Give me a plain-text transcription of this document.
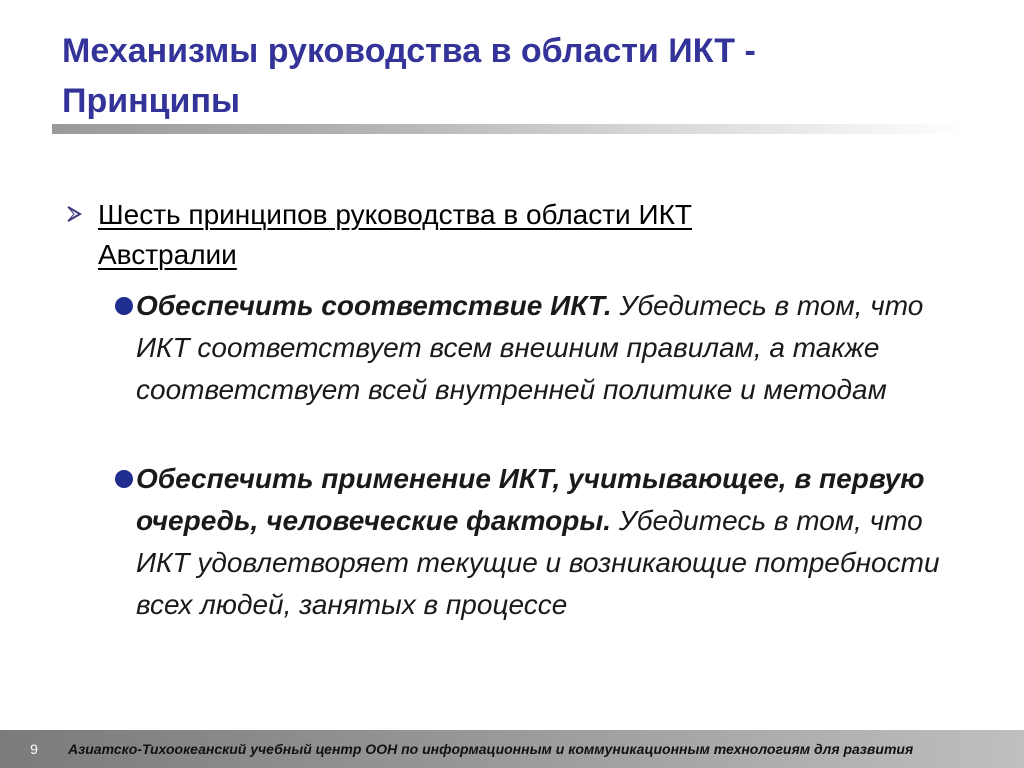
Механизмы руководства в области ИКТ -
Принципы
Шесть принципов руководства в области ИКТ
Австралии

Обеспечить соответствие ИКТ. Убедитесь в том, что ИКТ соответствует всем внешним правилам, а также соответствует всей внутренней политике и методам

Обеспечить применение ИКТ, учитывающее, в первую очередь, человеческие факторы. Убедитесь в том, что ИКТ удовлетворяет текущие и возникающие потребности всех людей, занятых в процессе

9	Азиатско-Тихоокеанский учебный центр ООН по информационным и коммуникационным технологиям для развития
